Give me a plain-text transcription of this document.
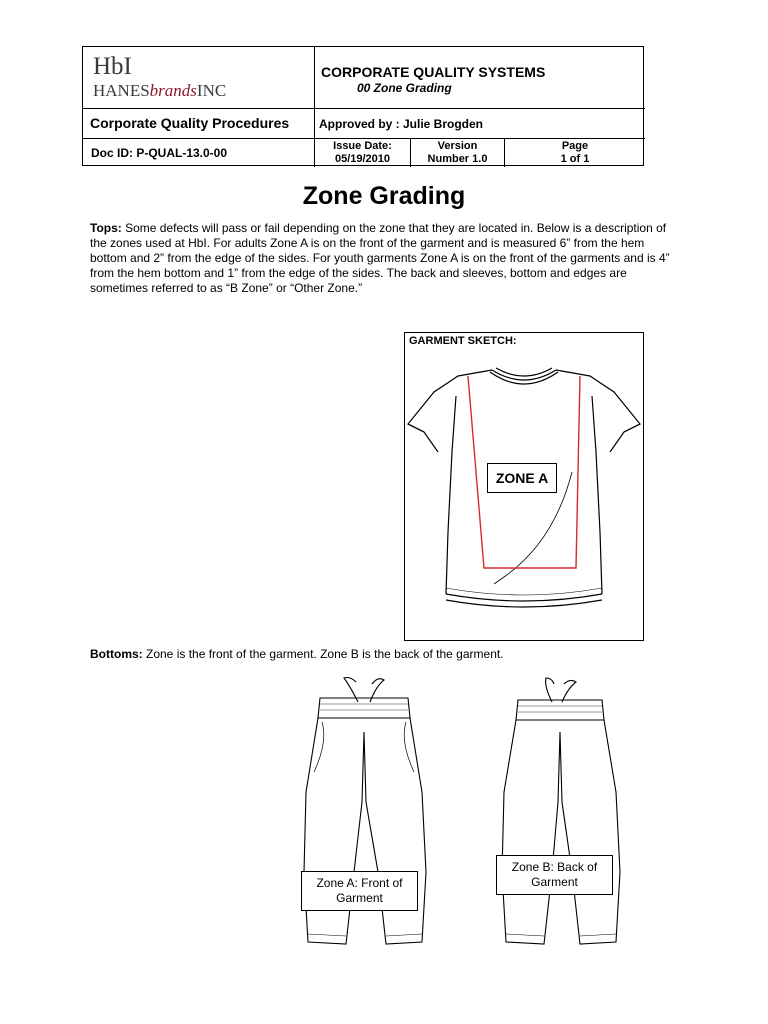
HbI
HANESbrandsINC
CORPORATE QUALITY SYSTEMS
00 Zone Grading
Corporate Quality Procedures Approved by : Julie Brogden
Doc ID: P-QUAL-13.0-00	Issue Date:
05/19/2010
Version
Number 1.0
Page
1 of 1
Zone Grading
Tops: Some defects will pass or fail depending on the zone that they are located in. Below is a description of the zones used at HbI. For adults Zone A is on the front of the garment and is measured 6” from the hem bottom and 2” from the edge of the sides. For youth garments Zone A is on the front of the garments and is 4” from the hem bottom and 1” from the edge of the sides. The back and sleeves, bottom and edges are sometimes referred to as “B Zone” or “Other Zone.”
GARMENT SKETCH:
ZONE A
Bottoms: Zone is the front of the garment. Zone B is the back of the garment.
Zone A: Front of
Garment
Zone B: Back of
Garment
